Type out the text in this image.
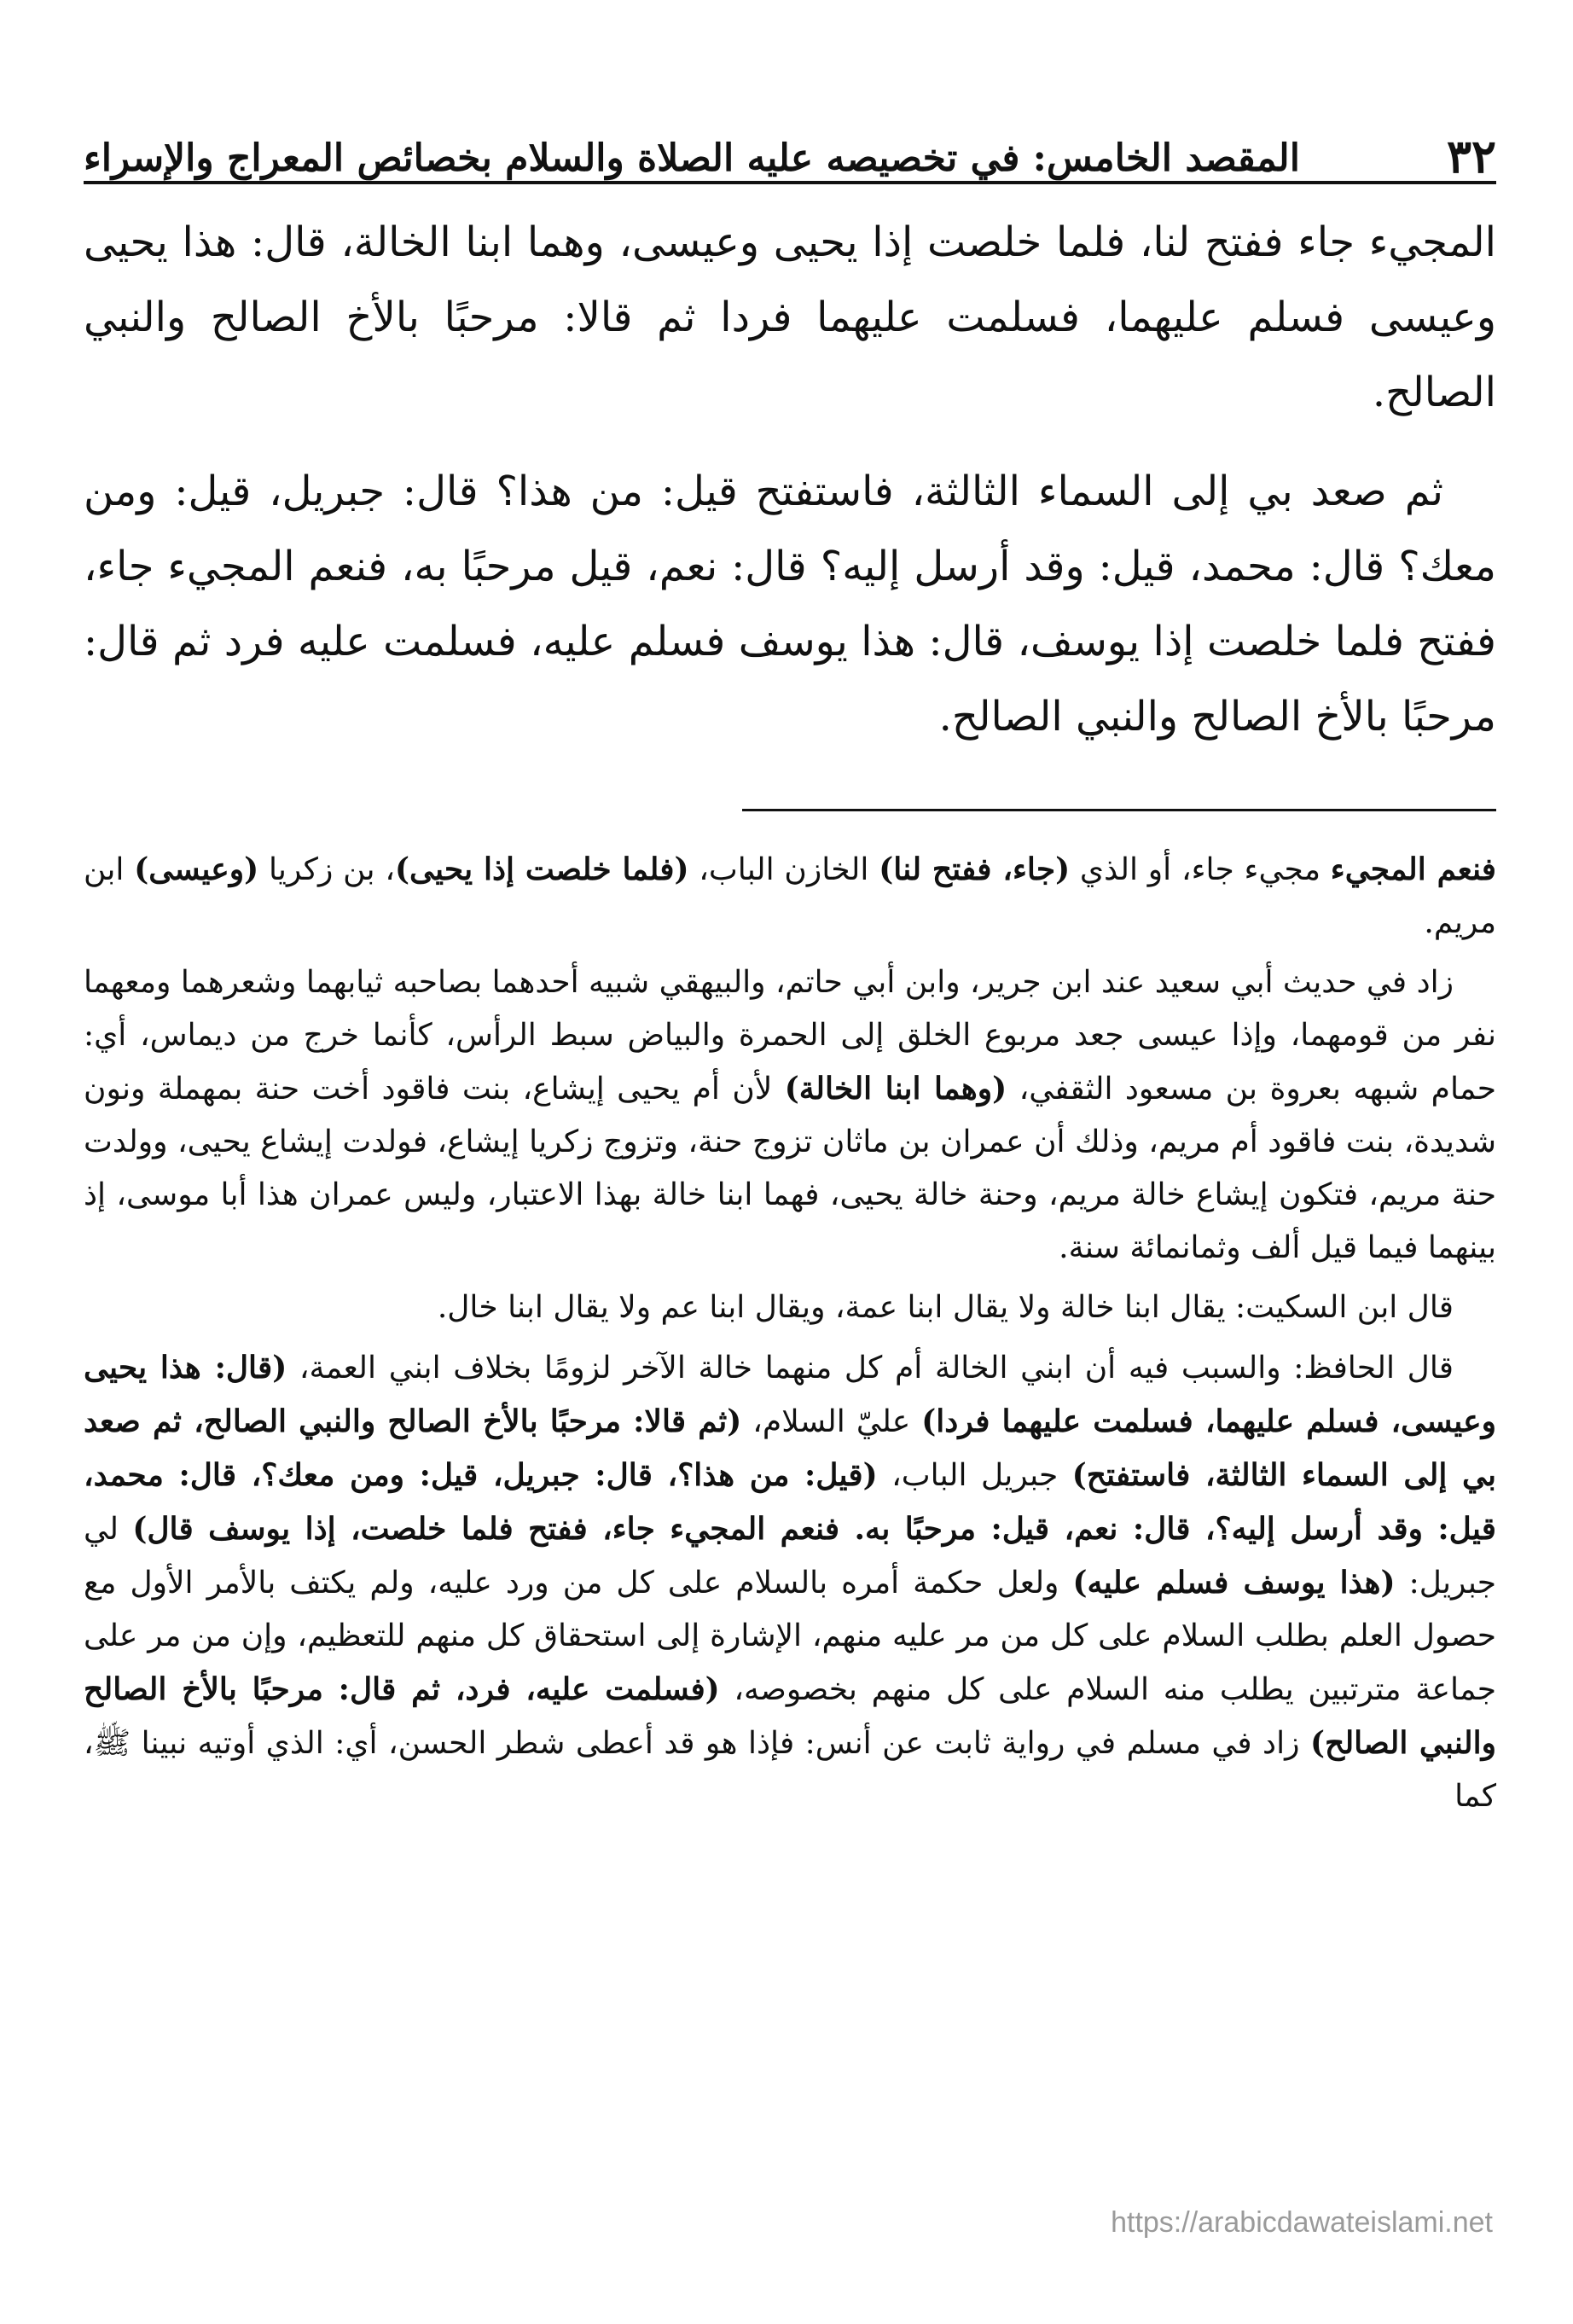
٣٢
المقصد الخامس: في تخصيصه عليه الصلاة والسلام بخصائص المعراج والإسراء

المجيء جاء ففتح لنا، فلما خلصت إذا يحيى وعيسى، وهما ابنا الخالة، قال: هذا يحيى وعيسى فسلم عليهما، فسلمت عليهما فردا ثم قالا: مرحبًا بالأخ الصالح والنبي الصالح.

ثم صعد بي إلى السماء الثالثة، فاستفتح قيل: من هذا؟ قال: جبريل، قيل: ومن معك؟ قال: محمد، قيل: وقد أرسل إليه؟ قال: نعم، قيل مرحبًا به، فنعم المجيء جاء، ففتح فلما خلصت إذا يوسف، قال: هذا يوسف فسلم عليه، فسلمت عليه فرد ثم قال: مرحبًا بالأخ الصالح والنبي الصالح.

فنعم المجيء مجيء جاء، أو الذي (جاء، ففتح لنا) الخازن الباب، (فلما خلصت إذا يحيى)، بن زكريا (وعيسى) ابن مريم.

زاد في حديث أبي سعيد عند ابن جرير، وابن أبي حاتم، والبيهقي شبيه أحدهما بصاحبه ثيابهما وشعرهما ومعهما نفر من قومهما، وإذا عيسى جعد مربوع الخلق إلى الحمرة والبياض سبط الرأس، كأنما خرج من ديماس، أي: حمام شبهه بعروة بن مسعود الثقفي، (وهما ابنا الخالة) لأن أم يحيى إيشاع، بنت فاقود أخت حنة بمهملة ونون شديدة، بنت فاقود أم مريم، وذلك أن عمران بن ماثان تزوج حنة، وتزوج زكريا إيشاع، فولدت إيشاع يحيى، وولدت حنة مريم، فتكون إيشاع خالة مريم، وحنة خالة يحيى، فهما ابنا خالة بهذا الاعتبار، وليس عمران هذا أبا موسى، إذ بينهما فيما قيل ألف وثمانمائة سنة.

قال ابن السكيت: يقال ابنا خالة ولا يقال ابنا عمة، ويقال ابنا عم ولا يقال ابنا خال.

قال الحافظ: والسبب فيه أن ابني الخالة أم كل منهما خالة الآخر لزومًا بخلاف ابني العمة، (قال: هذا يحيى وعيسى، فسلم عليهما، فسلمت عليهما فردا) عليّ السلام، (ثم قالا: مرحبًا بالأخ الصالح والنبي الصالح، ثم صعد بي إلى السماء الثالثة، فاستفتح) جبريل الباب، (قيل: من هذا؟، قال: جبريل، قيل: ومن معك؟، قال: محمد، قيل: وقد أرسل إليه؟، قال: نعم، قيل: مرحبًا به. فنعم المجيء جاء، ففتح فلما خلصت، إذا يوسف قال) لي جبريل: (هذا يوسف فسلم عليه) ولعل حكمة أمره بالسلام على كل من ورد عليه، ولم يكتف بالأمر الأول مع حصول العلم بطلب السلام على كل من مر عليه منهم، الإشارة إلى استحقاق كل منهم للتعظيم، وإن من مر على جماعة مترتبين يطلب منه السلام على كل منهم بخصوصه، (فسلمت عليه، فرد، ثم قال: مرحبًا بالأخ الصالح والنبي الصالح) زاد في مسلم في رواية ثابت عن أنس: فإذا هو قد أعطى شطر الحسن، أي: الذي أوتيه نبينا ﷺ، كما

https://arabicdawateislami.net
